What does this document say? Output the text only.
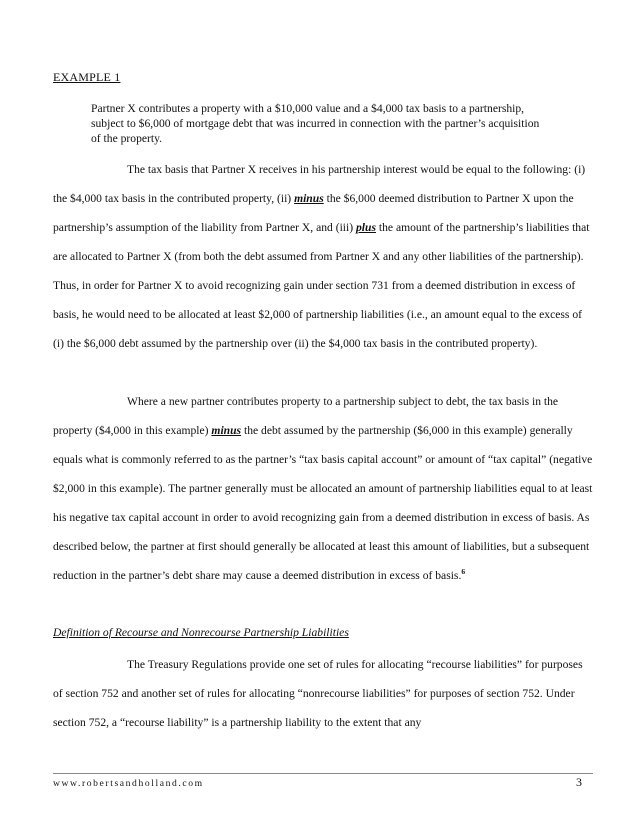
EXAMPLE 1
Partner X contributes a property with a $10,000 value and a $4,000 tax basis to a partnership, subject to $6,000 of mortgage debt that was incurred in connection with the partner’s acquisition of the property.

The tax basis that Partner X receives in his partnership interest would be equal to the following: (i) the $4,000 tax basis in the contributed property, (ii) minus the $6,000 deemed distribution to Partner X upon the partnership’s assumption of the liability from Partner X, and (iii) plus the amount of the partnership’s liabilities that are allocated to Partner X (from both the debt assumed from Partner X and any other liabilities of the partnership). Thus, in order for Partner X to avoid recognizing gain under section 731 from a deemed distribution in excess of basis, he would need to be allocated at least $2,000 of partnership liabilities (i.e., an amount equal to the excess of (i) the $6,000 debt assumed by the partnership over (ii) the $4,000 tax basis in the contributed property).

Where a new partner contributes property to a partnership subject to debt, the tax basis in the property ($4,000 in this example) minus the debt assumed by the partnership ($6,000 in this example) generally equals what is commonly referred to as the partner’s “tax basis capital account” or amount of “tax capital” (negative $2,000 in this example). The partner generally must be allocated an amount of partnership liabilities equal to at least his negative tax capital account in order to avoid recognizing gain from a deemed distribution in excess of basis. As described below, the partner at first should generally be allocated at least this amount of liabilities, but a subsequent reduction in the partner’s debt share may cause a deemed distribution in excess of basis.$^6$

Definition of Recourse and Nonrecourse Partnership Liabilities

The Treasury Regulations provide one set of rules for allocating “recourse liabilities” for purposes of section 752 and another set of rules for allocating “nonrecourse liabilities” for purposes of section 752. Under section 752, a “recourse liability” is a partnership liability to the extent that any

www.robertsandholland.com	3
